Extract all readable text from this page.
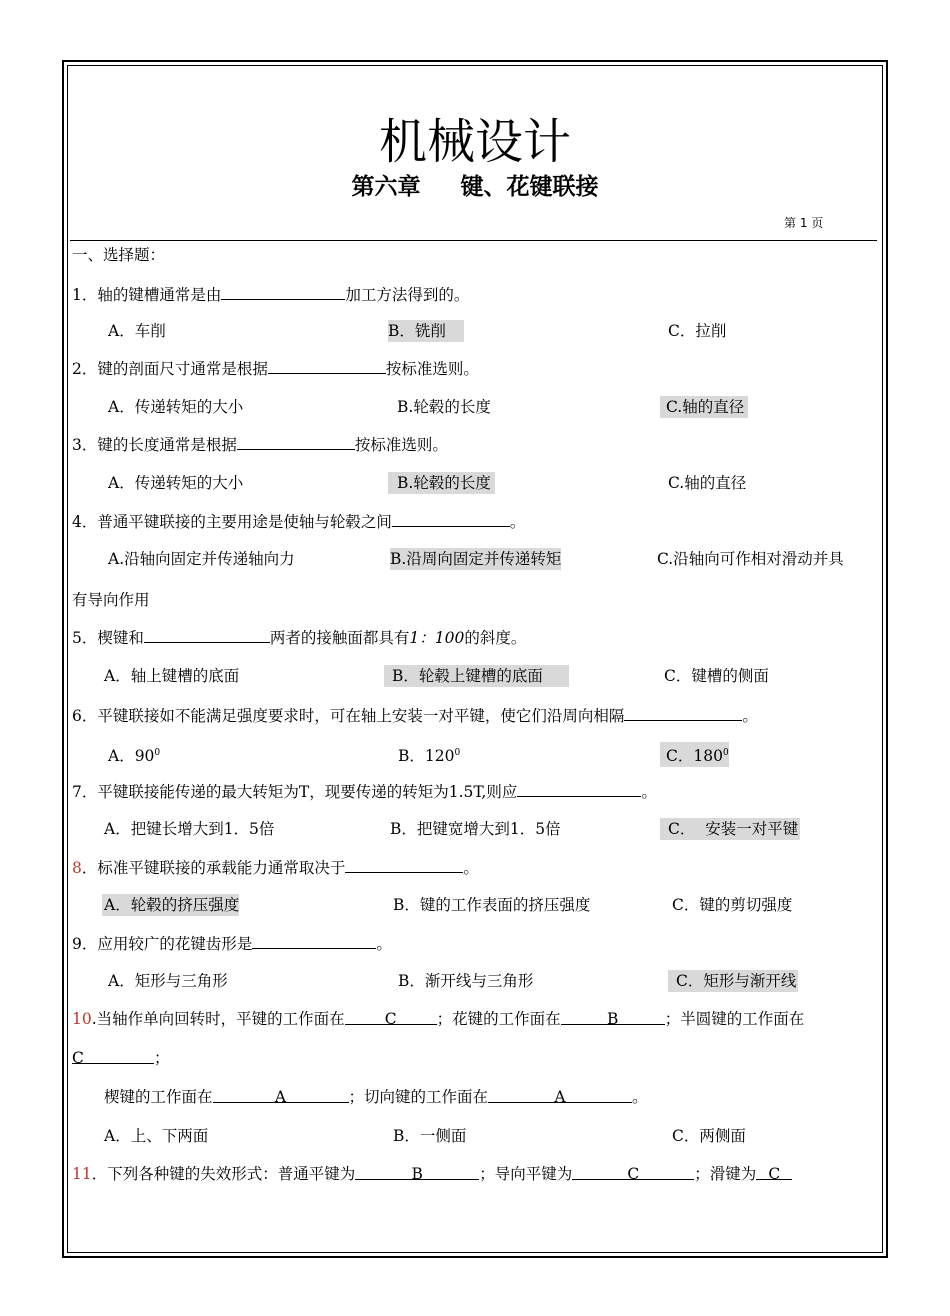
机械设计
第六章     键、花键联接
第 1 页
一、选择题：
1．轴的键槽通常是由	加工方法得到的。
A．车削	B．铣削	C．拉削
2．键的剖面尺寸通常是根据	按标准选则。
A．传递转矩的大小	B.轮毂的长度	C.轴的直径
3．键的长度通常是根据	按标准选则。
A．传递转矩的大小	B.轮毂的长度	C.轴的直径
4．普通平键联接的主要用途是使轴与轮毂之间	。
A.沿轴向固定并传递轴向力	B.沿周向固定并传递转矩	C.沿轴向可作相对滑动并具
有导向作用
5．楔键和	两者的接触面都具有1：100的斜度。
A．轴上键槽的底面	B．轮毂上键槽的底面	C．键槽的侧面
6．平键联接如不能满足强度要求时，可在轴上安装一对平键，使它们沿周向相隔	。
A．$90^0$	B．$120^0$	C．$180^0$
7．平键联接能传递的最大转矩为T，现要传递的转矩为1.5T,则应	。
A．把键长增大到1．5倍	B．把键宽增大到1．5倍	C．  安装一对平键
8．标准平键联接的承载能力通常取决于	。
A．轮毂的挤压强度	B．键的工作表面的挤压强度	C．键的剪切强度
9．应用较广的花键齿形是	。
A．矩形与三角形	B．渐开线与三角形	C．矩形与渐开线
10.当轴作单向回转时，平键的工作面在	C	；花键的工作面在	B	；半圆键的工作面在
C	；
楔键的工作面在	A	；切向键的工作面在	A	。
A．上、下两面	B．一侧面	C．两侧面
11．下列各种键的失效形式：普通平键为	B	；导向平键为	C	；滑键为 C
